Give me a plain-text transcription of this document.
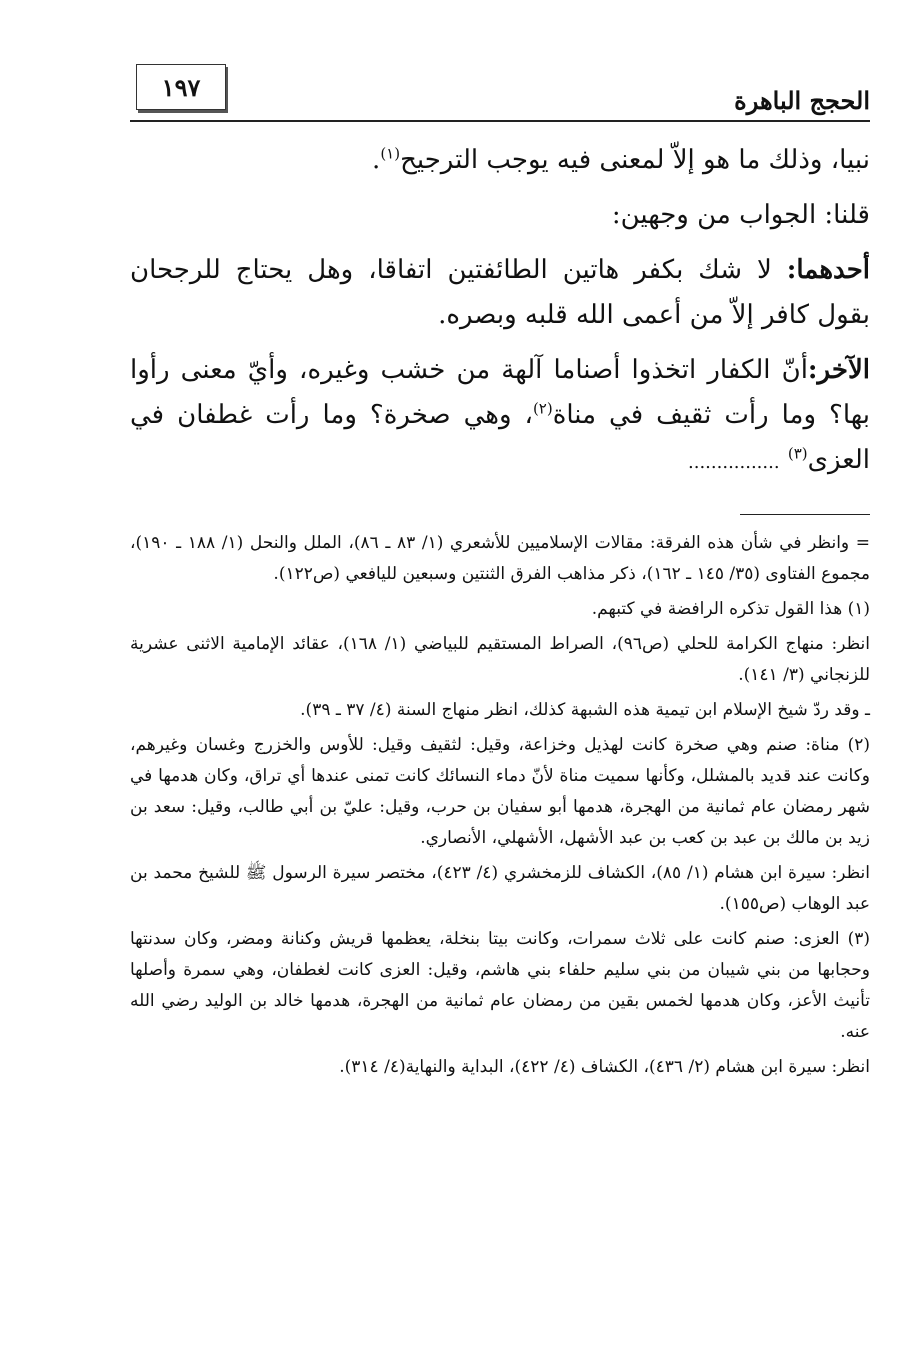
الحجج الباهرة
١٩٧

نبيا، وذلك ما هو إلاّ لمعنى فيه يوجب الترجيح$^{(١)}$.

قلنا: الجواب من وجهين:

أحدهما: لا شك بكفر هاتين الطائفتين اتفاقا، وهل يحتاج للرجحان بقول كافر إلاّ من أعمى الله قلبه وبصره.

الآخر:أنّ الكفار اتخذوا أصناما آلهة من خشب وغيره، وأيّ معنى رأوا بها؟ وما رأت ثقيف في مناة$^{(٢)}$، وهي صخرة؟ وما رأت غطفان في العزى$^{(٣)}$ ................

= وانظر في شأن هذه الفرقة: مقالات الإسلاميين للأشعري (١/ ٨٣ ـ ٨٦)، الملل والنحل (١/ ١٨٨ ـ ١٩٠)، مجموع الفتاوى (٣٥/ ١٤٥ ـ ١٦٢)، ذكر مذاهب الفرق الثنتين وسبعين لليافعي (ص١٢٢).

(١) هذا القول تذكره الرافضة في كتبهم.

انظر: منهاج الكرامة للحلي (ص٩٦)، الصراط المستقيم للبياضي (١/ ١٦٨)، عقائد الإمامية الاثنى عشرية للزنجاني (٣/ ١٤١).

ـ وقد ردّ شيخ الإسلام ابن تيمية هذه الشبهة كذلك، انظر منهاج السنة (٤/ ٣٧ ـ ٣٩).

(٢) مناة: صنم وهي صخرة كانت لهذيل وخزاعة، وقيل: لثقيف وقيل: للأوس والخزرج وغسان وغيرهم، وكانت عند قديد بالمشلل، وكأنها سميت مناة لأنّ دماء النسائك كانت تمنى عندها أي تراق، وكان هدمها في شهر رمضان عام ثمانية من الهجرة، هدمها أبو سفيان بن حرب، وقيل: عليّ بن أبي طالب، وقيل: سعد بن زيد بن مالك بن عبد بن كعب بن عبد الأشهل، الأشهلي، الأنصاري.

انظر: سيرة ابن هشام (١/ ٨٥)، الكشاف للزمخشري (٤/ ٤٢٣)، مختصر سيرة الرسول ﷺ للشيخ محمد بن عبد الوهاب (ص١٥٥).

(٣) العزى: صنم كانت على ثلاث سمرات، وكانت بيتا بنخلة، يعظمها قريش وكنانة ومضر، وكان سدنتها وحجابها من بني شيبان من بني سليم حلفاء بني هاشم، وقيل: العزى كانت لغطفان، وهي سمرة وأصلها تأنيث الأعز، وكان هدمها لخمس بقين من رمضان عام ثمانية من الهجرة، هدمها خالد بن الوليد رضي الله عنه.

انظر: سيرة ابن هشام (٢/ ٤٣٦)، الكشاف (٤/ ٤٢٢)، البداية والنهاية(٤/ ٣١٤).
